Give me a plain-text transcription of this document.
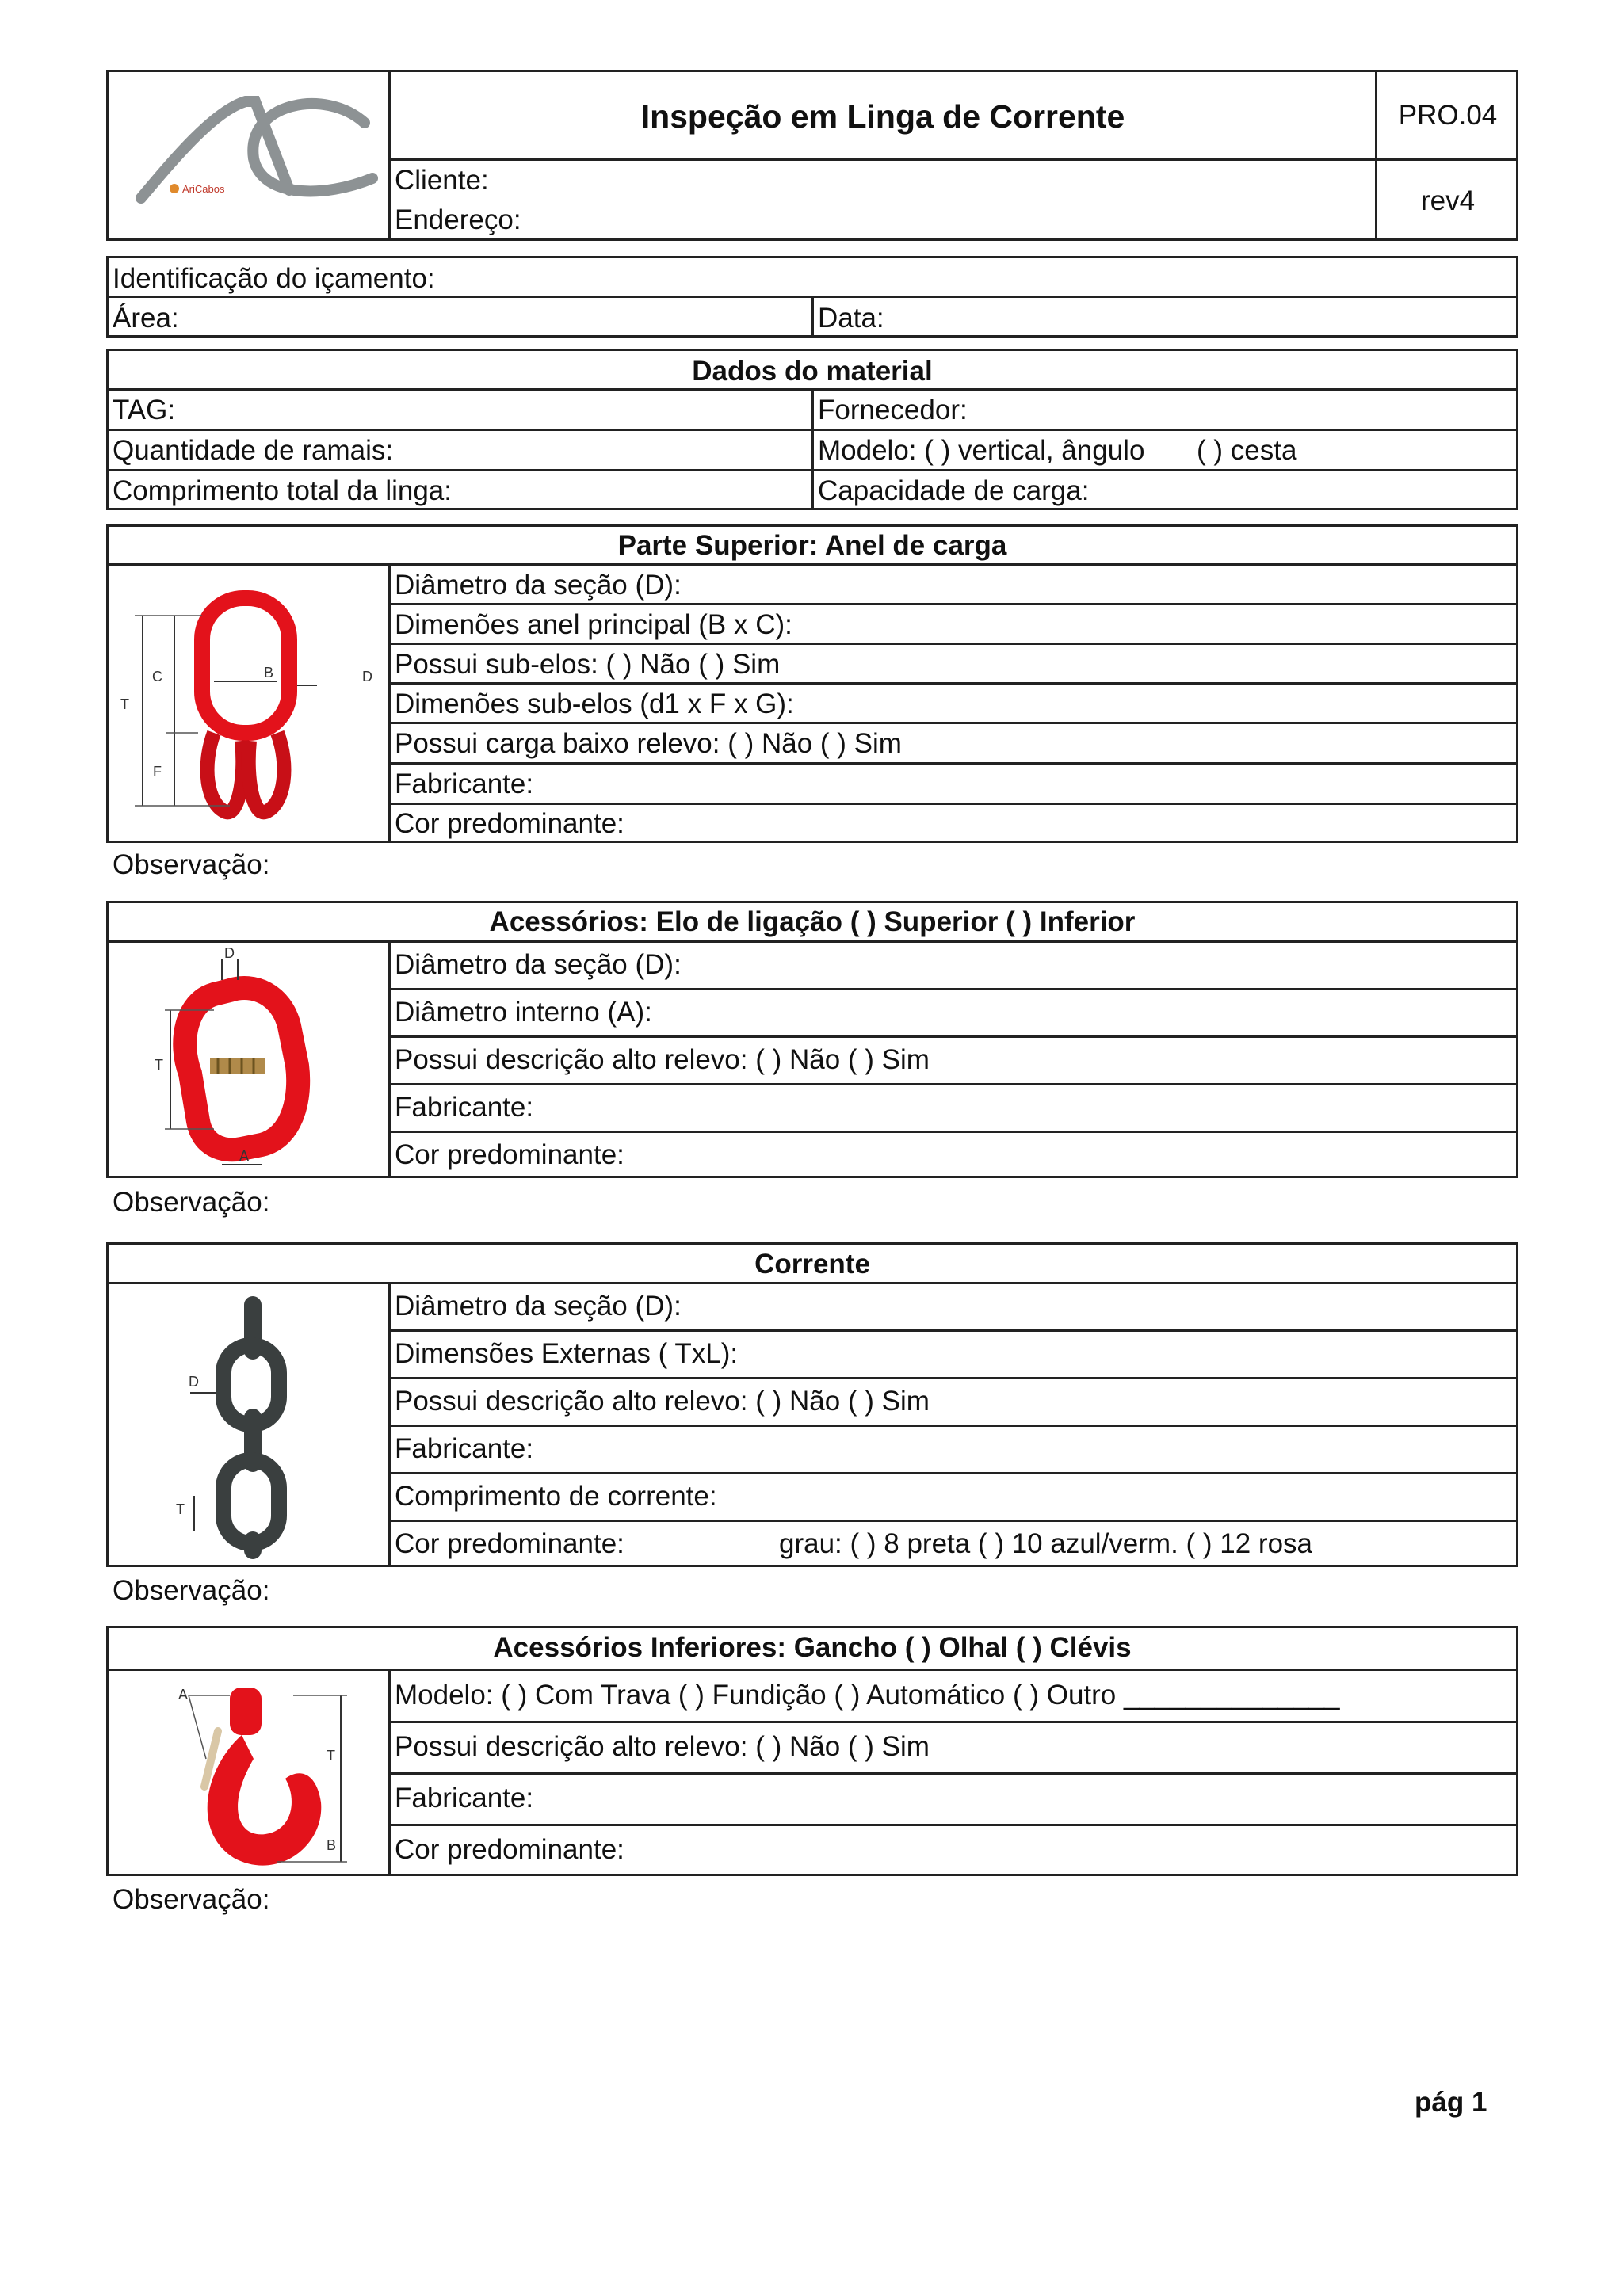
AriCabos
Inspeção em Linga de Corrente	PRO.04
rev4
Cliente:
Endereço:
Identificação do içamento:
Área:	Data:
Dados do material
TAG:	Fornecedor:
Quantidade de ramais:	Modelo: ( ) vertical, ângulo ( ) cesta
Comprimento total da linga:	Capacidade de carga:
Parte Superior: Anel de carga
Diâmetro da seção (D):
Dimenões anel principal (B x C):
Possui sub-elos: ( ) Não ( ) Sim
Dimenões sub-elos (d1 x F x G):
Possui carga baixo relevo: ( ) Não ( ) Sim
Fabricante:
Cor predominante:
C	B	D
T
F
Observação:
Acessórios: Elo de ligação ( ) Superior ( ) Inferior
Diâmetro da seção (D):
Diâmetro interno (A):
Possui descrição alto relevo: ( ) Não ( ) Sim
Fabricante:
Cor predominante:
D
T
A
Observação:
Corrente
Diâmetro da seção (D):
Dimensões Externas ( TxL):
Possui descrição alto relevo: ( ) Não ( ) Sim
Fabricante:
Comprimento de corrente:
Cor predominante:	grau: ( ) 8 preta ( ) 10 azul/verm. ( ) 12 rosa
D
T
Observação:
Acessórios Inferiores: Gancho ( ) Olhal ( ) Clévis
Modelo: ( ) Com Trava ( ) Fundição ( ) Automático ( ) Outro ______________
Possui descrição alto relevo: ( ) Não ( ) Sim
Fabricante:
Cor predominante:
A
T
B
Observação:
pág 1
